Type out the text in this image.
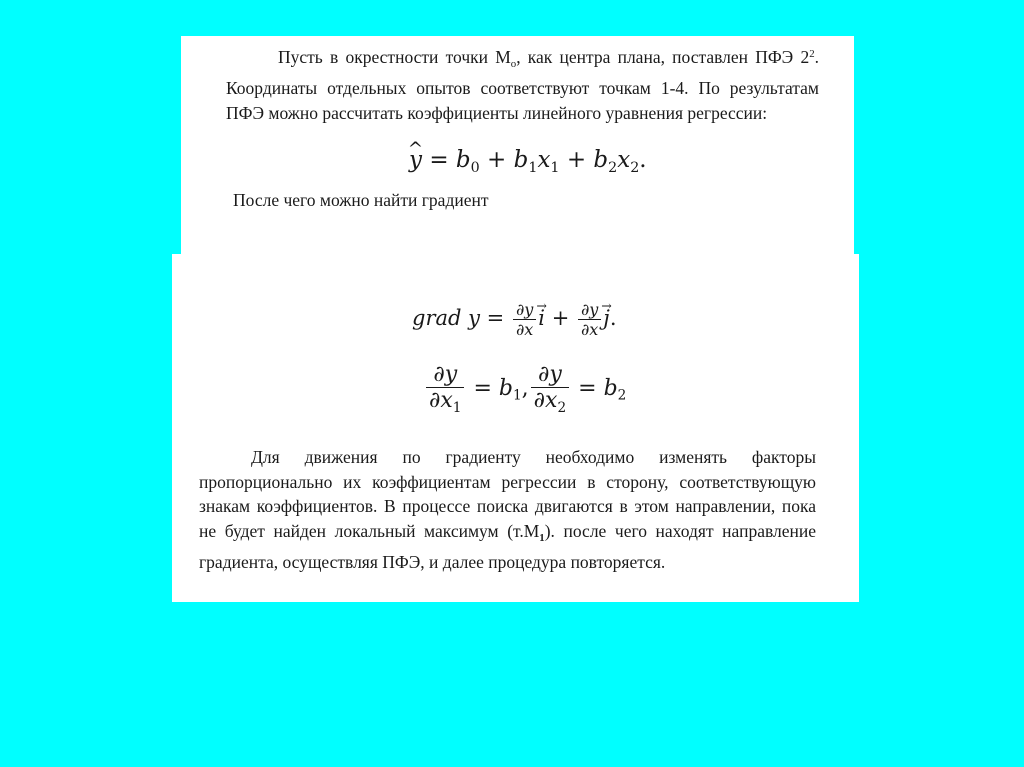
Пусть в окрестности точки $М_o$, как центра плана, поставлен ПФЭ $2^2$. Координаты отдельных опытов соответствуют точкам 1-4. По результатам ПФЭ можно рассчитать коэффициенты линейного уравнения регрессии:
^ $y = b_0 + b_1x_1 + b_2x_2$.
После чего можно найти градиент
grad $y = \frac{\partial y}{\partial x}$
→ $i + \frac{\partial y}{\partial x}$
→ j.
$\frac{\partial y}{\partial x_1} = b_1$, $\frac{\partial y}{\partial x_2} = b_2$
Для движения по градиенту необходимо изменять факторы пропорционально их коэффициентам регрессии в сторону, соответствующую знакам коэффициентов. В процессе поиска двигаются в этом направлении, пока не будет найден локальный максимум $(т.М_1)$. после чего находят направление градиента, осуществляя ПФЭ, и далее процедура повторяется.
